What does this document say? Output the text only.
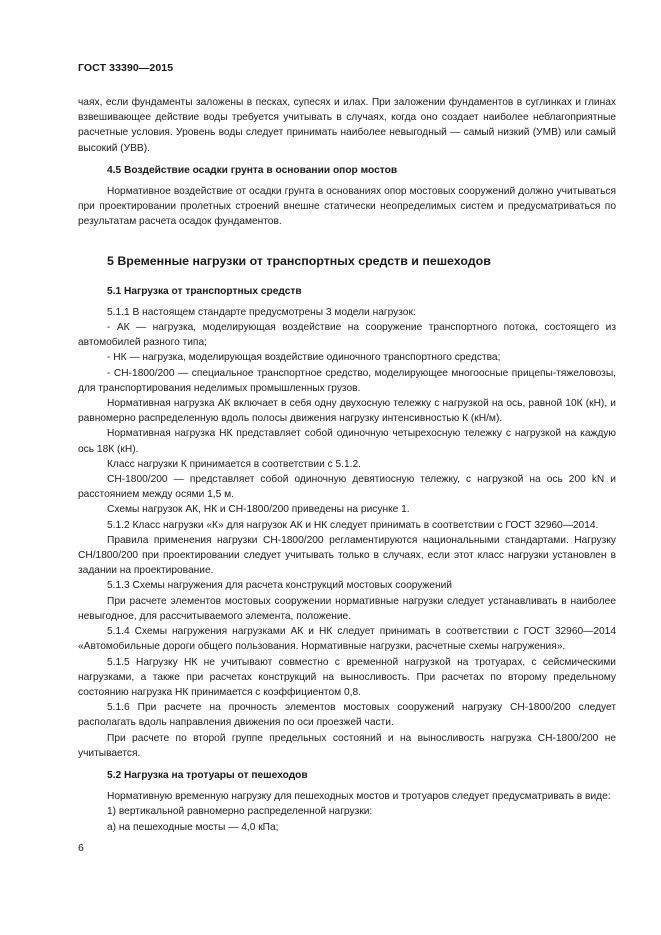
ГОСТ 33390—2015

чаях, если фундаменты заложены в песках, супесях и илах. При заложении фундаментов в суглинках и глинах взвешивающее действие воды требуется учитывать в случаях, когда оно создает наиболее неблагоприятные расчетные условия. Уровень воды следует принимать наиболее невыгодный — самый низкий (УМВ) или самый высокий (УВВ).

4.5 Воздействие осадки грунта в основании опор мостов

Нормативное воздействие от осадки грунта в основаниях опор мостовых сооружений должно учитываться при проектировании пролетных строений внешне статически неопределимых систем и предусматриваться по результатам расчета осадок фундаментов.

5 Временные нагрузки от транспортных средств и пешеходов

5.1 Нагрузка от транспортных средств

5.1.1 В настоящем стандарте предусмотрены 3 модели нагрузок:

- АК — нагрузка, моделирующая воздействие на сооружение транспортного потока, состоящего из автомобилей разного типа;

- НК — нагрузка, моделирующая воздействие одиночного транспортного средства;

- СН-1800/200 — специальное транспортное средство, моделирующее многоосные прицепы-тяжеловозы, для транспортирования неделимых промышленных грузов.

Нормативная нагрузка АК включает в себя одну двухосную тележку с нагрузкой на ось, равной 10К (кН), и равномерно распределенную вдоль полосы движения нагрузку интенсивностью К (кН/м).

Нормативная нагрузка НК представляет собой одиночную четырехосную тележку с нагрузкой на каждую ось 18К (кН).

Класс нагрузки К принимается в соответствии с 5.1.2.

СН-1800/200 — представляет собой одиночную девятиосную тележку, с нагрузкой на ось 200 kN и расстоянием между осями 1,5 м.

Схемы нагрузок АК, НК и СН-1800/200 приведены на рисунке 1.

5.1.2 Класс нагрузки «К» для нагрузок АК и НК следует принимать в соответствии с ГОСТ 32960—2014.

Правила применения нагрузки СН-1800/200 регламентируются национальными стандартами. Нагрузку СН/1800/200 при проектировании следует учитывать только в случаях, если этот класс нагрузки установлен в задании на проектирование.

5.1.3 Схемы нагружения для расчета конструкций мостовых сооружений

При расчете элементов мостовых сооружении нормативные нагрузки следует устанавливать в наиболее невыгодное, для рассчитываемого элемента, положение.

5.1.4 Схемы нагружения нагрузками АК и НК следует принимать в соответствии с ГОСТ 32960—2014 «Автомобильные дороги общего пользования. Нормативные нагрузки, расчетные схемы нагружения».

5.1.5 Нагрузку НК не учитывают совместно с временной нагрузкой на тротуарах, с сейсмическими нагрузками, а также при расчетах конструкций на выносливость. При расчетах по второму предельному состоянию нагрузка НК принимается с коэффициентом 0,8.

5.1.6 При расчете на прочность элементов мостовых сооружений нагрузку СН-1800/200 следует располагать вдоль направления движения по оси проезжей части.

При расчете по второй группе предельных состояний и на выносливость нагрузка СН-1800/200 не учитывается.

5.2 Нагрузка на тротуары от пешеходов

Нормативную временную нагрузку для пешеходных мостов и тротуаров следует предусматривать в виде:

1) вертикальной равномерно распределенной нагрузки:

а) на пешеходные мосты — 4,0 кПа;

6
